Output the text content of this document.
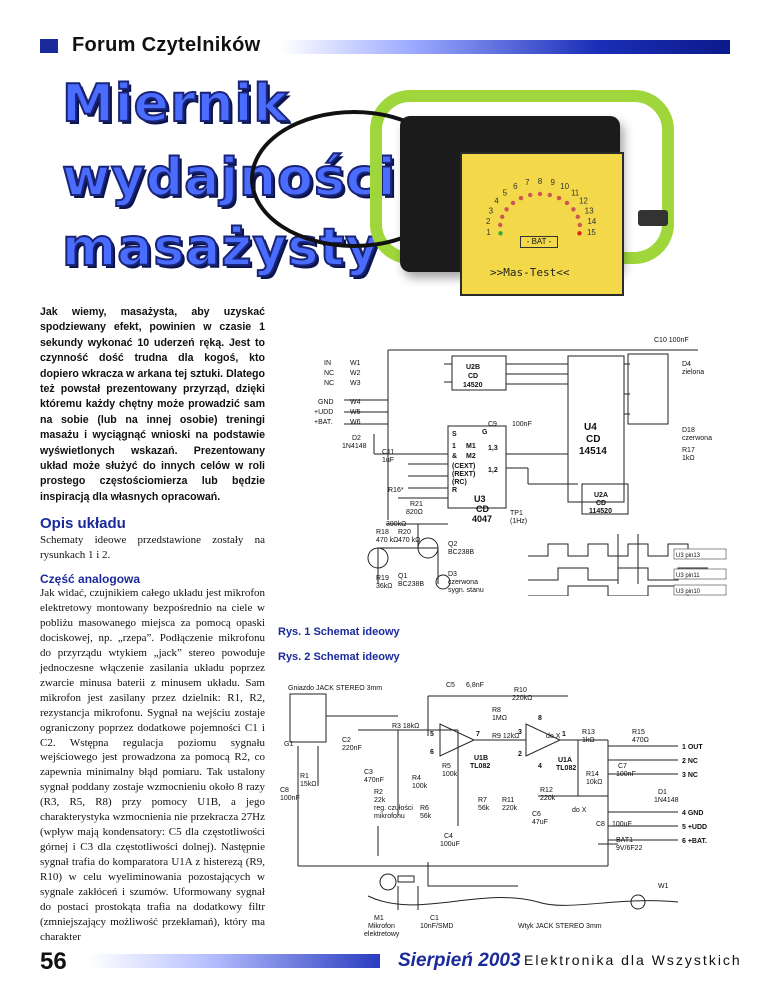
Forum Czytelników
Miernik
wydajności
masażysty	1
2
3
4
5
6 7 8 9 10
11
12
13
14
15
- BAT -
>>Mas-Test<<
Jak wiemy, masażysta, aby uzyskać spodziewany efekt, powinien w czasie 1 sekundy wykonać 10 uderzeń ręką. Jest to czynność dość trudna dla kogoś, kto dopiero wkracza w arkana tej sztuki. Dlatego też powstał prezentowany przyrząd, dzięki któremu każdy chętny może prowadzić sam na sobie (lub na innej osobie) treningi masażu i wyciągnąć wnioski na podstawie wyświetlonych wskazań. Prezentowany układ może służyć do innych celów w roli prostego częstościomierza lub będzie inspiracją dla własnych opracowań.
Opis układu
Schematy ideowe przedstawione zostały na rysunkach 1 i 2.
Część analogowa
Jak widać, czujnikiem całego układu jest mikrofon elektretowy montowany bezpośrednio na ciele w pobliżu masowanego miejsca za pomocą opaski dociskowej, np. „rzepa”. Podłączenie mikrofonu do przyrządu wtykiem „jack” stereo powoduje jednoczesne włączenie zasilania układu poprzez zwarcie minusa baterii z minusem układu. Sam mikrofon jest zasilany przez dzielnik: R1, R2, rezystancja mikrofonu. Sygnał na wejściu zostaje ograniczony poprzez dodatkowe pojemności C1 i C2. Wstępna regulacja poziomu sygnału wejściowego jest prowadzona za pomocą R2, co zapewnia minimalny błąd pomiaru. Tak ustalony sygnał poddany zostaje wzmocnieniu około 8 razy (R3, R5, R8) przy pomocy U1B, a jego charakterystyka wzmocnienia nie przekracza 27Hz (wpływ mają kondensatory: C5 dla częstotliwości górnej i C3 dla częstotliwości dolnej). Następnie sygnał trafia do komparatora U1A z histerezą (R9, R10) w celu wyeliminowania pozostających w sygnale zakłóceń i szumów. Uformowany sygnał do postaci prostokąta trafia na dodatkowy filtr (zmniejszający możliwość przekłamań), który ma charakter
IN
NC
NC
W1
W2
W3
GND
+UDD
+BAT.
W4
W5
W6
U2B
CD
14520
U4
CD
14514
U3
CD
4047
U2A
CD
114520
C10 100nF
C9 100nF
D4
zielona
D18
czerwona
R17
1kΩ
D2
1N4148
C11
1uF
R16*
390kΩ
R21
820Ω
R18
470 kΩ
R20
470 kΩ
R19
36kΩ
Q1
BC238B
Q2
BC238B
D3
czerwona
sygn. stanu
TP1
(1Hz)
S	G
1 M1 1,3
& M2
(CEXT)
(REXT)
(RC)
R
1,2
U3 pin13
U3 pin11
U3 pin10
Rys. 1 Schemat ideowy
Rys. 2 Schemat ideowy
Gniazdo JACK STEREO 3mm
G1
C5 6,8nF
R10
220kΩ
R8
1MΩ
R3 18kΩ
R9 12kΩ	do X
C2
220nF
U1B
TL082
U1A
TL082
R13
1kΩ
R15
470Ω
R1
15kΩ
C3
470nF
R5
100k
C7
100nF
R14
10kΩ
C8
100nF
R4
100k
R2
22k
reg. czułości
mikrofonu
R6
56k
R7
56k
R11
220k
R12
220k
C6
47uF
do X
D1
1N4148
C8 100uF
C4
100uF
BAT1
9V/6F22
M1
Mikrofon
elektretowy
C1
10nF/SMD	Wtyk JACK STEREO 3mm
W1
1 OUT
2 NC
3 NC
4 GND
5 +UDD
6 +BAT.
5
6
7
8
3
2
1
4
56	Sierpień 2003 Elektronika dla Wszystkich
